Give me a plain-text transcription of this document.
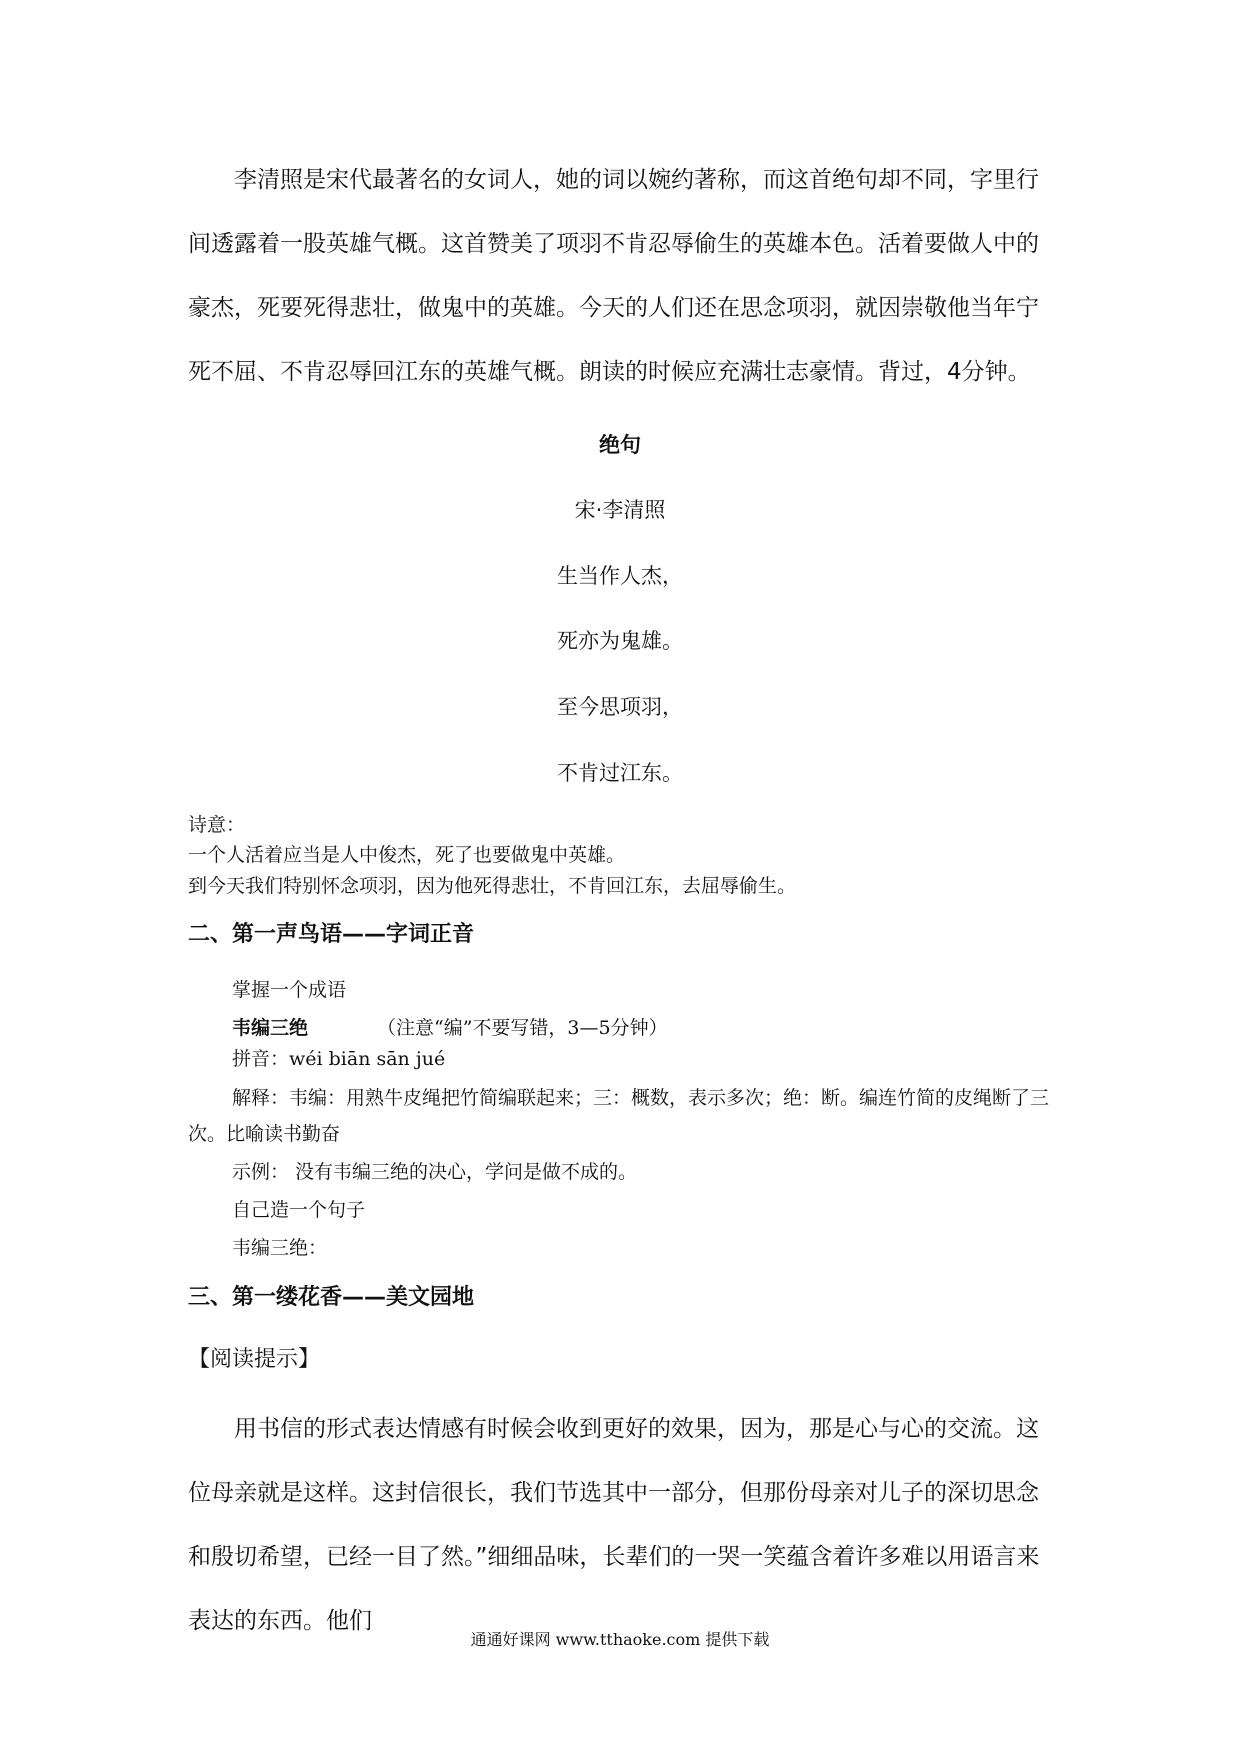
李清照是宋代最著名的女词人，她的词以婉约著称，而这首绝句却不同，字里行间透露着一股英雄气概。这首赞美了项羽不肯忍辱偷生的英雄本色。活着要做人中的豪杰，死要死得悲壮，做鬼中的英雄。今天的人们还在思念项羽，就因崇敬他当年宁死不屈、不肯忍辱回江东的英雄气概。朗读的时候应充满壮志豪情。背过，4分钟。

绝句

宋·李清照

生当作人杰，

死亦为鬼雄。

至今思项羽，

不肯过江东。

诗意：

一个人活着应当是人中俊杰，死了也要做鬼中英雄。

到今天我们特别怀念项羽，因为他死得悲壮，不肯回江东，去屈辱偷生。

二、第一声鸟语——字词正音

掌握一个成语

韦编三绝	（注意“编”不要写错，3—5分钟）

拼音：wéi biān sān jué

解释：韦编：用熟牛皮绳把竹简编联起来；三：概数，表示多次；绝：断。编连竹简的皮绳断了三次。比喻读书勤奋

示例： 没有韦编三绝的决心，学问是做不成的。

自己造一个句子

韦编三绝：

三、第一缕花香——美文园地

【阅读提示】

用书信的形式表达情感有时候会收到更好的效果，因为，那是心与心的交流。这位母亲就是这样。这封信很长，我们节选其中一部分，但那份母亲对儿子的深切思念和殷切希望，已经一目了然。”细细品味，长辈们的一哭一笑蕴含着许多难以用语言来表达的东西。他们

通通好课网 www.tthaoke.com 提供下载
